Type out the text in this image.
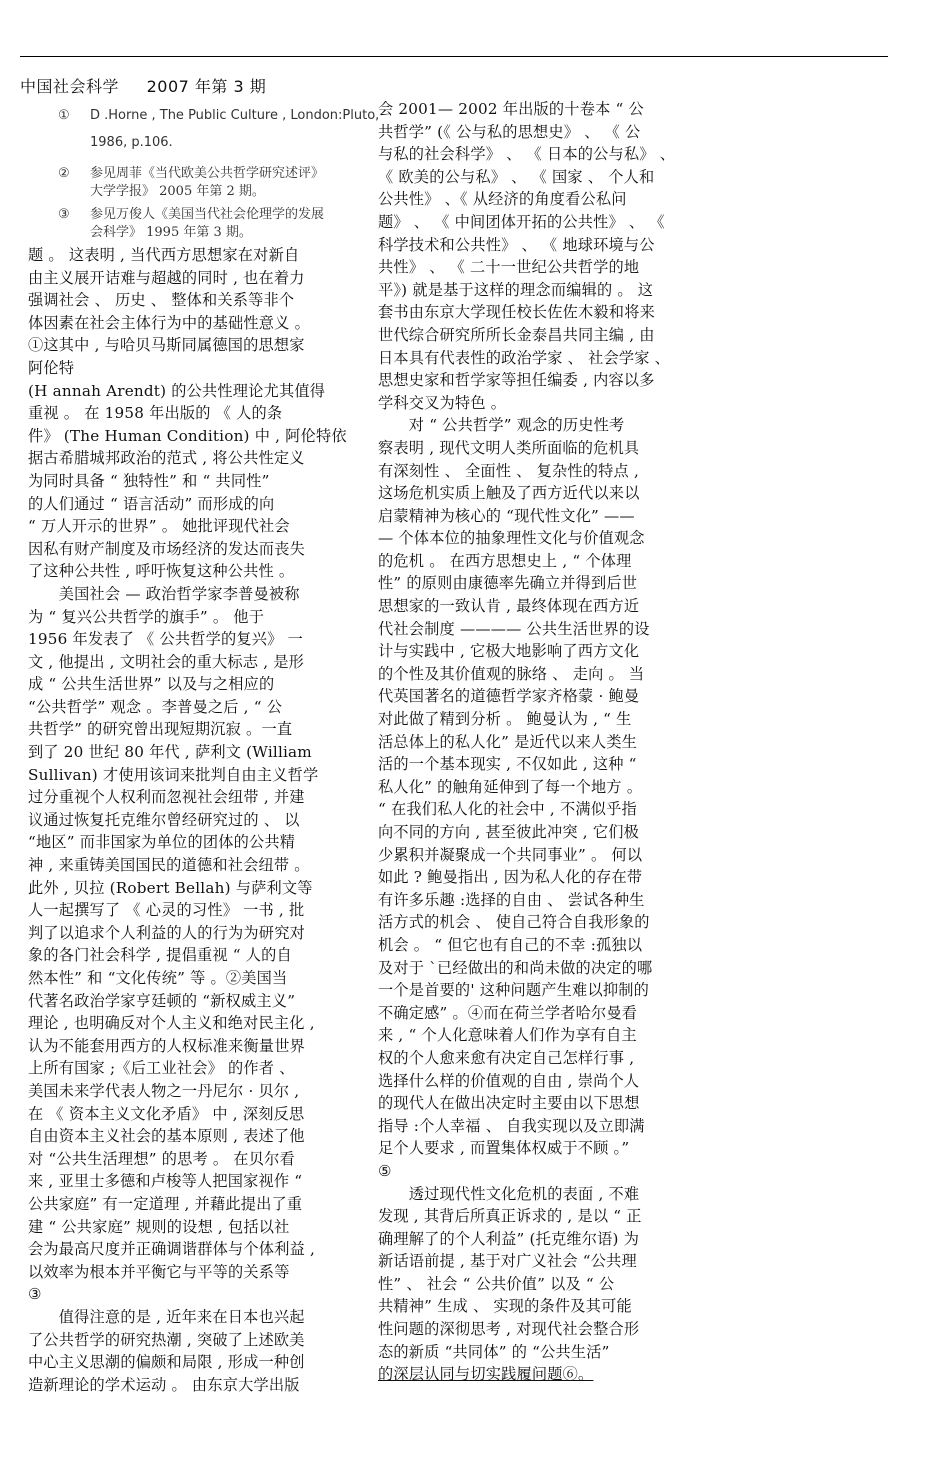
中国社会科学 2007 年第 3 期
①	D .Horne , The Public Culture , London:Pluto,
1986, p.106.
②	参见周菲《当代欧美公共哲学研究述评》
大学学报》 2005 年第 2 期。
③	参见万俊人《美国当代社会伦理学的发展
会科学》 1995 年第 3 期。
题 。 这表明 , 当代西方思想家在对新自
由主义展开诘难与超越的同时 , 也在着力
强调社会 、 历史 、 整体和关系等非个
体因素在社会主体行为中的基础性意义 。
①这其中 , 与哈贝马斯同属德国的思想家
阿伦特
(H annah Arendt) 的公共性理论尤其值得
重视 。 在 1958 年出版的 《 人的条
件》 (The Human Condition) 中 , 阿伦特依
据古希腊城邦政治的范式 , 将公共性定义
为同时具备 “ 独特性” 和 “ 共同性”
的人们通过 “ 语言活动” 而形成的向
“ 万人开示的世界” 。 她批评现代社会
因私有财产制度及市场经济的发达而丧失
了这种公共性 , 呼吁恢复这种公共性 。
　　美国社会 — 政治哲学家李普曼被称
为 “ 复兴公共哲学的旗手” 。 他于
1956 年发表了 《 公共哲学的复兴》 一
文 , 他提出 , 文明社会的重大标志 , 是形
成 “ 公共生活世界” 以及与之相应的
“公共哲学” 观念 。李普曼之后 , “ 公
共哲学” 的研究曾出现短期沉寂 。一直
到了 20 世纪 80 年代 , 萨利文 (William
Sullivan) 才使用该词来批判自由主义哲学
过分重视个人权利而忽视社会纽带 , 并建
议通过恢复托克维尔曾经研究过的 、 以
“地区” 而非国家为单位的团体的公共精
神 , 来重铸美国国民的道德和社会纽带 。
此外 , 贝拉 (Robert Bellah) 与萨利文等
人一起撰写了 《 心灵的习性》 一书 , 批
判了以追求个人利益的人的行为为研究对
象的各门社会科学 , 提倡重视 “ 人的自
然本性” 和 “文化传统” 等 。②美国当
代著名政治学家亨廷顿的 “新权威主义”
理论 , 也明确反对个人主义和绝对民主化 ,
认为不能套用西方的人权标准来衡量世界
上所有国家 ;《后工业社会》 的作者 、
美国未来学代表人物之一丹尼尔 · 贝尔 ,
在 《 资本主义文化矛盾》 中 , 深刻反思
自由资本主义社会的基本原则 , 表述了他
对 “公共生活理想” 的思考 。 在贝尔看
来 , 亚里士多德和卢梭等人把国家视作 “
公共家庭” 有一定道理 , 并藉此提出了重
建 “ 公共家庭” 规则的设想 , 包括以社
会为最高尺度并正确调谐群体与个体利益 ,
以效率为根本并平衡它与平等的关系等
③
　　值得注意的是 , 近年来在日本也兴起
了公共哲学的研究热潮 , 突破了上述欧美
中心主义思潮的偏颇和局限 , 形成一种创
造新理论的学术运动 。 由东京大学出版
会 2001— 2002 年出版的十卷本 “ 公
共哲学” (《 公与私的思想史》 、 《 公
与私的社会科学》 、 《 日本的公与私》 、
《 欧美的公与私》 、 《 国家 、 个人和
公共性》 、《 从经济的角度看公私问
题》 、 《 中间团体开拓的公共性》 、 《
科学技术和公共性》 、 《 地球环境与公
共性》 、 《 二十一世纪公共哲学的地
平》) 就是基于这样的理念而编辑的 。 这
套书由东京大学现任校长佐佐木毅和将来
世代综合研究所所长金泰昌共同主编 , 由
日本具有代表性的政治学家 、 社会学家 、
思想史家和哲学家等担任编委 , 内容以多
学科交叉为特色 。
　　对 “ 公共哲学” 观念的历史性考
察表明 , 现代文明人类所面临的危机具
有深刻性 、 全面性 、 复杂性的特点 ,
这场危机实质上触及了西方近代以来以
启蒙精神为核心的 “现代性文化” ——
— 个体本位的抽象理性文化与价值观念
的危机 。 在西方思想史上 , “ 个体理
性” 的原则由康德率先确立并得到后世
思想家的一致认肯 , 最终体现在西方近
代社会制度 ———— 公共生活世界的设
计与实践中 , 它极大地影响了西方文化
的个性及其价值观的脉络 、 走向 。 当
代英国著名的道德哲学家齐格蒙 · 鲍曼
对此做了精到分析 。 鲍曼认为 , “ 生
活总体上的私人化” 是近代以来人类生
活的一个基本现实 , 不仅如此 , 这种 “
私人化” 的触角延伸到了每一个地方 。
“ 在我们私人化的社会中 , 不满似乎指
向不同的方向 , 甚至彼此冲突 , 它们极
少累积并凝聚成一个共同事业” 。 何以
如此 ? 鲍曼指出 , 因为私人化的存在带
有许多乐趣 :选择的自由 、 尝试各种生
活方式的机会 、 使自己符合自我形象的
机会 。 “ 但它也有自己的不幸 :孤独以
及对于 `已经做出的和尚未做的决定的哪
一个是首要的' 这种问题产生难以抑制的
不确定感” 。④而在荷兰学者哈尔曼看
来 , “ 个人化意味着人们作为享有自主
权的个人愈来愈有决定自己怎样行事 ,
选择什么样的价值观的自由 , 崇尚个人
的现代人在做出决定时主要由以下思想
指导 :个人幸福 、 自我实现以及立即满
足个人要求 , 而置集体权威于不顾 。”
⑤
　　透过现代性文化危机的表面 , 不难
发现 , 其背后所真正诉求的 , 是以 “ 正
确理解了的个人利益” (托克维尔语) 为
新话语前提 , 基于对广义社会 “公共理
性” 、 社会 “ 公共价值” 以及 “ 公
共精神” 生成 、 实现的条件及其可能
性问题的深彻思考 , 对现代社会整合形
态的新质 “共同体” 的 “公共生活”
的深层认同与切实践履问题⑥。
